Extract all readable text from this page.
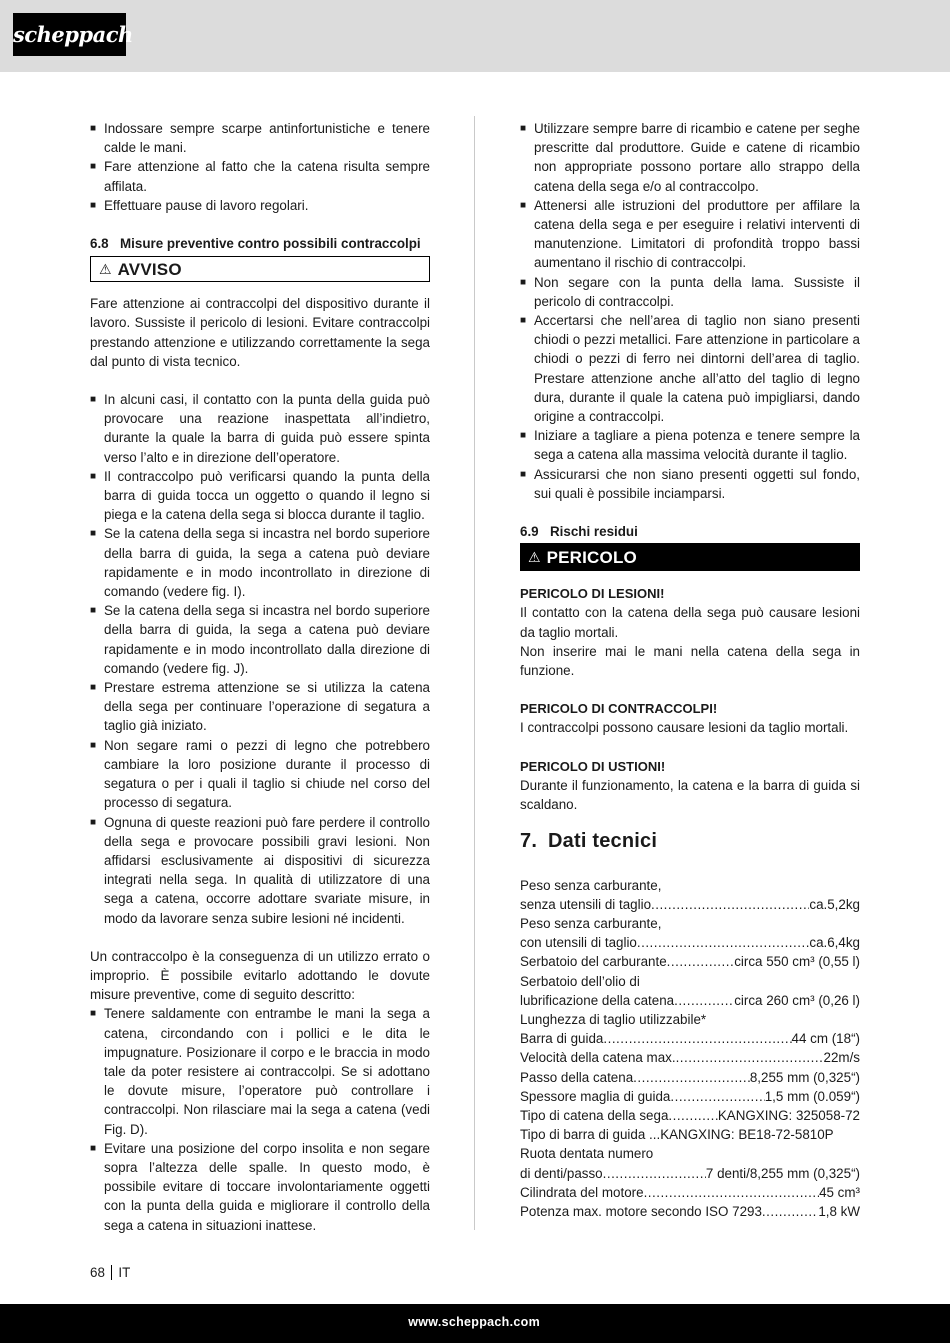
scheppach
■ Indossare sempre scarpe antinfortunistiche e tenere calde le mani.
■ Fare attenzione al fatto che la catena risulta sempre affilata.
■ Effettuare pause di lavoro regolari.
6.8 Misure preventive contro possibili contraccolpi
⚠ AVVISO

Fare attenzione ai contraccolpi del dispositivo durante il lavoro. Sussiste il pericolo di lesioni. Evitare contraccolpi prestando attenzione e utilizzando correttamente la sega dal punto di vista tecnico.

■ In alcuni casi, il contatto con la punta della guida può provocare una reazione inaspettata all’indietro, durante la quale la barra di guida può essere spinta verso l’alto e in direzione dell’operatore.
■ Il contraccolpo può verificarsi quando la punta della barra di guida tocca un oggetto o quando il legno si piega e la catena della sega si blocca durante il taglio.
■ Se la catena della sega si incastra nel bordo superiore della barra di guida, la sega a catena può deviare rapidamente e in modo incontrollato in direzione di comando (vedere fig. I).
■ Se la catena della sega si incastra nel bordo superiore della barra di guida, la sega a catena può deviare rapidamente e in modo incontrollato dalla direzione di comando (vedere fig. J).
■ Prestare estrema attenzione se si utilizza la catena della sega per continuare l’operazione di segatura a taglio già iniziato.
■ Non segare rami o pezzi di legno che potrebbero cambiare la loro posizione durante il processo di segatura o per i quali il taglio si chiude nel corso del processo di segatura.
■ Ognuna di queste reazioni può fare perdere il controllo della sega e provocare possibili gravi lesioni. Non affidarsi esclusivamente ai dispositivi di sicurezza integrati nella sega. In qualità di utilizzatore di una sega a catena, occorre adottare svariate misure, in modo da lavorare senza subire lesioni né incidenti.

Un contraccolpo è la conseguenza di un utilizzo errato o improprio. È possibile evitarlo adottando le dovute misure preventive, come di seguito descritto:

■ Tenere saldamente con entrambe le mani la sega a catena, circondando con i pollici e le dita le impugnature. Posizionare il corpo e le braccia in modo tale da poter resistere ai contraccolpi. Se si adottano le dovute misure, l’operatore può controllare i contraccolpi. Non rilasciare mai la sega a catena (vedi Fig. D).
■ Evitare una posizione del corpo insolita e non segare sopra l’altezza delle spalle. In questo modo, è possibile evitare di toccare involontariamente oggetti con la punta della guida e migliorare il controllo della sega a catena in situazioni inattese.
■ Utilizzare sempre barre di ricambio e catene per seghe prescritte dal produttore. Guide e catene di ricambio non appropriate possono portare allo strappo della catena della sega e/o al contraccolpo.
■ Attenersi alle istruzioni del produttore per affilare la catena della sega e per eseguire i relativi interventi di manutenzione. Limitatori di profondità troppo bassi aumentano il rischio di contraccolpi.
■ Non segare con la punta della lama. Sussiste il pericolo di contraccolpi.
■ Accertarsi che nell’area di taglio non siano presenti chiodi o pezzi metallici. Fare attenzione in particolare a chiodi o pezzi di ferro nei dintorni dell’area di taglio. Prestare attenzione anche all’atto del taglio di legno dura, durante il quale la catena può impigliarsi, dando origine a contraccolpi.
■ Iniziare a tagliare a piena potenza e tenere sempre la sega a catena alla massima velocità durante il taglio.
■ Assicurarsi che non siano presenti oggetti sul fondo, sui quali è possibile inciamparsi.
6.9 Rischi residui
⚠ PERICOLO
PERICOLO DI LESIONI!

Il contatto con la catena della sega può causare lesioni da taglio mortali.

Non inserire mai le mani nella catena della sega in funzione.

PERICOLO DI CONTRACCOLPI!

I contraccolpi possono causare lesioni da taglio mortali.

PERICOLO DI USTIONI!

Durante il funzionamento, la catena e la barra di guida si scaldano.

7. Dati tecnici
Peso senza carburante,
senza utensili di taglio .....	ca.5,2kg
Peso senza carburante,
con utensili di taglio .....	ca.6,4kg
Serbatoio del carburante .....	circa 550 cm³ (0,55 l)
Serbatoio dell’olio di
lubrificazione della catena .....	circa 260 cm³ (0,26 l)
Lunghezza di taglio utilizzabile*
Barra di guida .....	44 cm (18“)
Velocità della catena max. .....	22m/s
Passo della catena .....	8,255 mm (0,325“)
Spessore maglia di guida .....	1,5 mm (0.059“)
Tipo di catena della sega .....	KANGXING: 325058-72
Tipo di barra di guida ... KANGXING: BE18-72-5810P
Ruota dentata numero
di denti/passo .....	7 denti/8,255 mm (0,325“)
Cilindrata del motore .....	45 cm³
Potenza max. motore secondo ISO 7293 .....	1,8 kW
68 IT
www.scheppach.com
